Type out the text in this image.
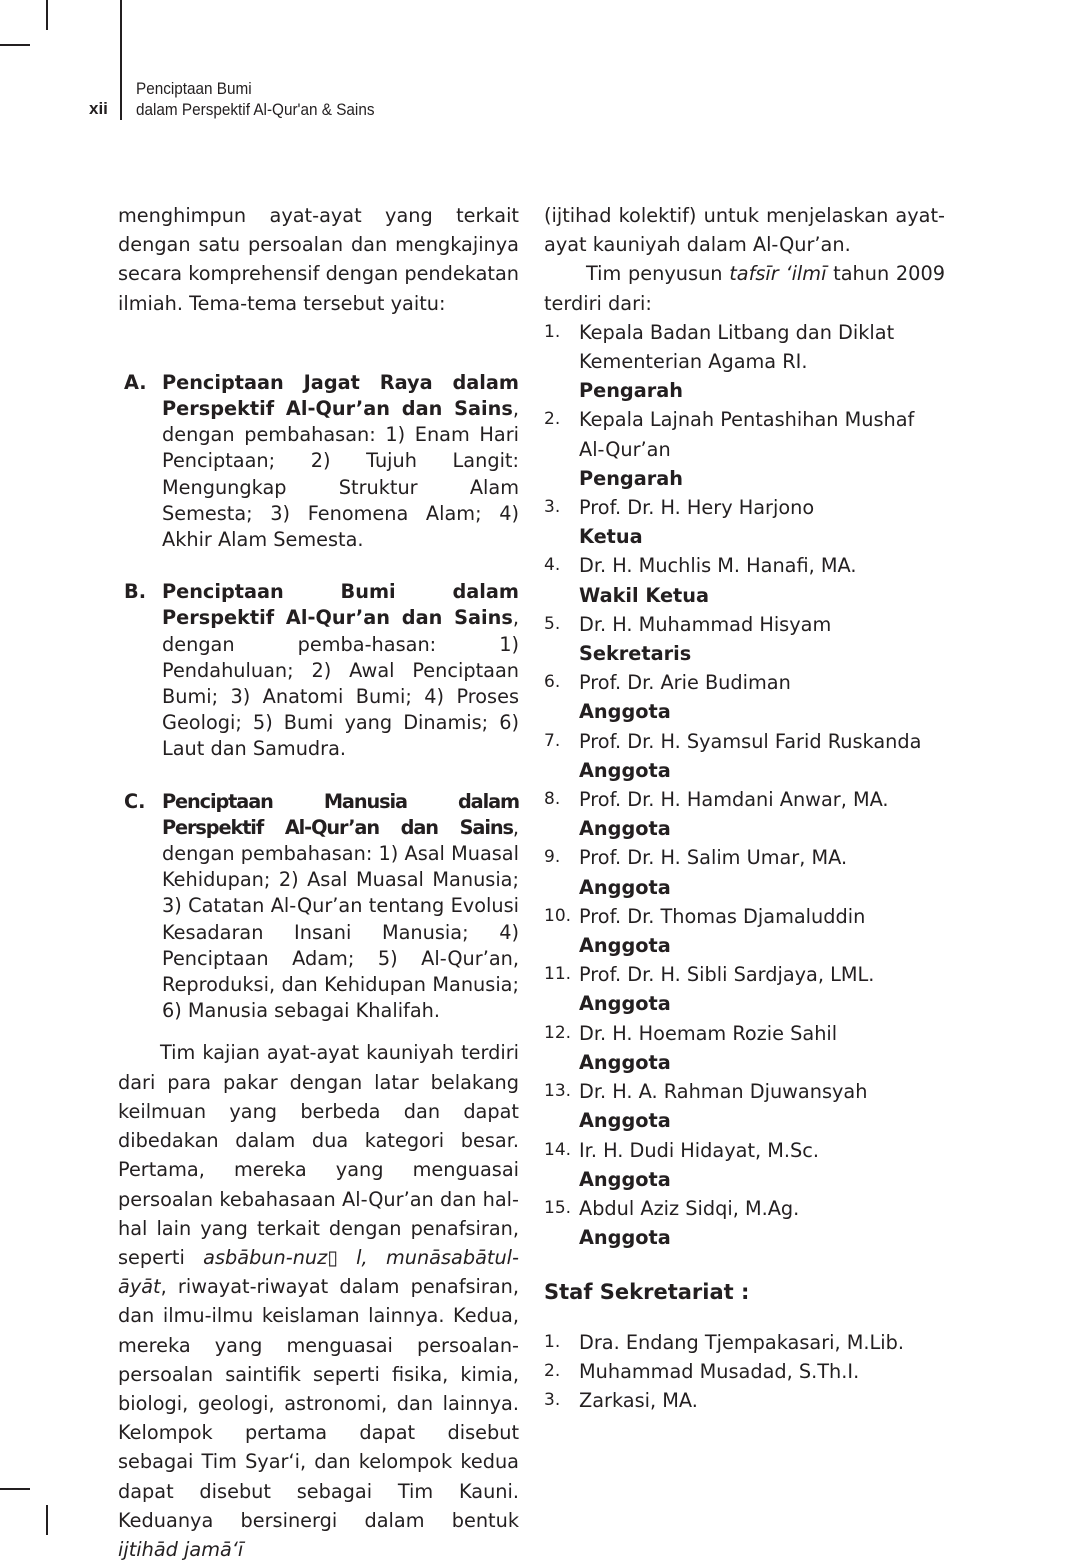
xii
Penciptaan Bumi
dalam Perspektif Al-Qur'an & Sains

menghimpun ayat-ayat yang terkait dengan satu persoalan dan mengkajinya secara komprehensif dengan pendekatan ilmiah. Tema-tema tersebut yaitu:

A. Penciptaan Jagat Raya dalam Perspektif Al-Qur’an dan Sains, dengan pembahasan: 1) Enam Hari Penciptaan; 2) Tujuh Langit: Mengungkap Struktur Alam Semesta; 3) Fenomena Alam; 4) Akhir Alam Semesta.
B. Penciptaan Bumi dalam Perspektif Al-Qur’an dan Sains, dengan pemba-hasan: 1) Pendahuluan; 2) Awal Penciptaan Bumi; 3) Anatomi Bumi; 4) Proses Geologi; 5) Bumi yang Dinamis; 6) Laut dan Samudra.
C. Penciptaan Manusia dalam Perspektif Al-Qur’an dan Sains, dengan pembahasan: 1) Asal Muasal Kehidupan; 2) Asal Muasal Manusia; 3) Catatan Al-Qur’an tentang Evolusi Kesadaran Insani Manusia; 4) Penciptaan Adam; 5) Al-Qur’an, Reproduksi, dan Kehidupan Manusia; 6) Manusia sebagai Khalifah.

Tim kajian ayat-ayat kauniyah terdiri dari para pakar dengan latar belakang keilmuan yang berbeda dan dapat dibedakan dalam dua kategori besar. Pertama, mereka yang menguasai persoalan kebahasaan Al-Qur’an dan hal-hal lain yang terkait dengan penafsiran, seperti asbābun-nuz▯ l, munāsabātul-āyāt, riwayat-riwayat dalam penafsiran, dan ilmu-ilmu keislaman lainnya. Kedua, mereka yang menguasai persoalan-persoalan saintifik seperti fisika, kimia, biologi, geologi, astronomi, dan lainnya. Kelompok pertama dapat disebut sebagai Tim Syar‘i, dan kelompok kedua dapat disebut sebagai Tim Kauni. Keduanya bersinergi dalam bentuk ijtihād jamā‘ī

(ijtihad kolektif) untuk menjelaskan ayat-ayat kauniyah dalam Al-Qur’an.

Tim penyusun tafsīr ‘ilmī tahun 2009 terdiri dari:

1. Kepala Badan Litbang dan Diklat Kementerian Agama RI.
Pengarah
2. Kepala Lajnah Pentashihan Mushaf Al-Qur’an
Pengarah
3. Prof. Dr. H. Hery Harjono
Ketua
4. Dr. H. Muchlis M. Hanafi, MA.
Wakil Ketua
5. Dr. H. Muhammad Hisyam
Sekretaris
6. Prof. Dr. Arie Budiman
Anggota
7. Prof. Dr. H. Syamsul Farid Ruskanda
Anggota
8. Prof. Dr. H. Hamdani Anwar, MA.
Anggota
9. Prof. Dr. H. Salim Umar, MA.
Anggota
10. Prof. Dr. Thomas Djamaluddin
Anggota
11. Prof. Dr. H. Sibli Sardjaya, LML.
Anggota
12. Dr. H. Hoemam Rozie Sahil
Anggota
13. Dr. H. A. Rahman Djuwansyah
Anggota
14. Ir. H. Dudi Hidayat, M.Sc.
Anggota
15. Abdul Aziz Sidqi, M.Ag.
Anggota
Staf Sekretariat :
1. Dra. Endang Tjempakasari, M.Lib.
2. Muhammad Musadad, S.Th.I.
3. Zarkasi, MA.
